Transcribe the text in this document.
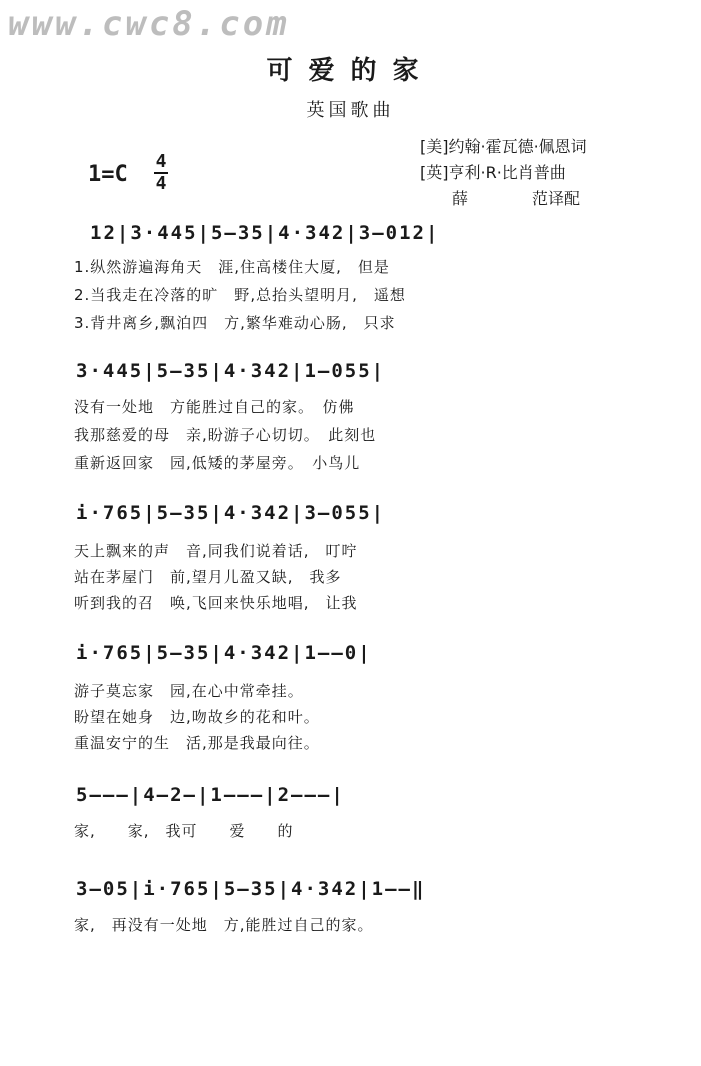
www.cwc8.com
可爱的家
英国歌曲
[美]约翰·霍瓦德·佩恩词
[英]亨利·R·比肖普曲
薛　　　　范译配
1=C
4
4
12|3·445|5—35|4·342|3—012|
1.纵然游遍海角天　涯,住高楼住大厦,　但是
2.当我走在冷落的旷　野,总抬头望明月,　遥想
3.背井离乡,飘泊四　方,繁华难动心肠,　只求
3·445|5—35|4·342|1—055|
没有一处地　方能胜过自己的家。　仿佛
我那慈爱的母　亲,盼游子心切切。　此刻也
重新返回家　园,低矮的茅屋旁。　小鸟儿
i·765|5—35|4·342|3—055|
天上飘来的声　音,同我们说着话,　叮咛
站在茅屋门　前,望月儿盈又缺,　我多
听到我的召　唤,飞回来快乐地唱,　让我
i·765|5—35|4·342|1——0|
游子莫忘家　园,在心中常牵挂。
盼望在她身　边,吻故乡的花和叶。
重温安宁的生　活,那是我最向往。
5———|4—2—|1———|2———|
家,　　家,　我可　　爱　　的
3—05|i·765|5—35|4·342|1——‖
家,　再没有一处地　方,能胜过自己的家。
